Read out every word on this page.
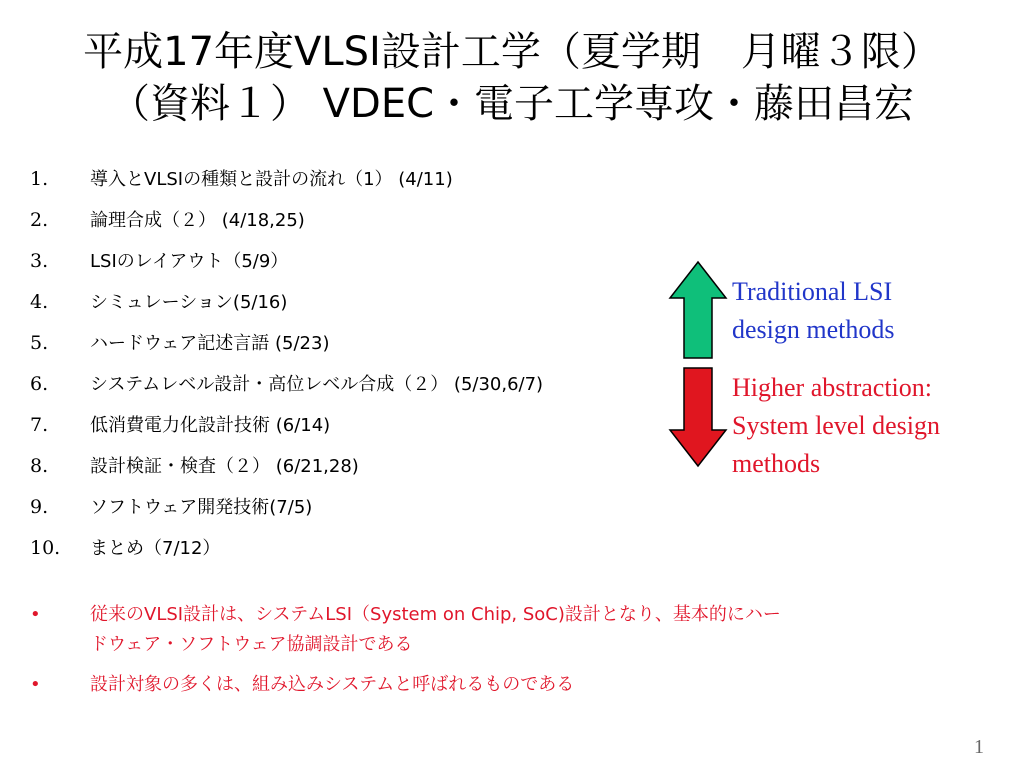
平成17年度VLSI設計工学（夏学期　月曜３限）
（資料１） VDEC・電子工学専攻・藤田昌宏
1.	導入とVLSIの種類と設計の流れ（1） (4/11)
2.	論理合成（２） (4/18,25)
3.	LSIのレイアウト（5/9）
4.	シミュレーション(5/16)
5.	ハードウェア記述言語 (5/23)
6.	システムレベル設計・高位レベル合成（２） (5/30,6/7)
7.	低消費電力化設計技術 (6/14)
8.	設計検証・検査（２） (6/21,28)
9.	ソフトウェア開発技術(7/5)
10.	まとめ（7/12）
Traditional LSI
design methods
Higher abstraction:
System level design
methods
•	従来のVLSI設計は、システムLSI（System on Chip, SoC)設計となり、基本的にハー
ドウェア・ソフトウェア協調設計である
•	設計対象の多くは、組み込みシステムと呼ばれるものである
1
